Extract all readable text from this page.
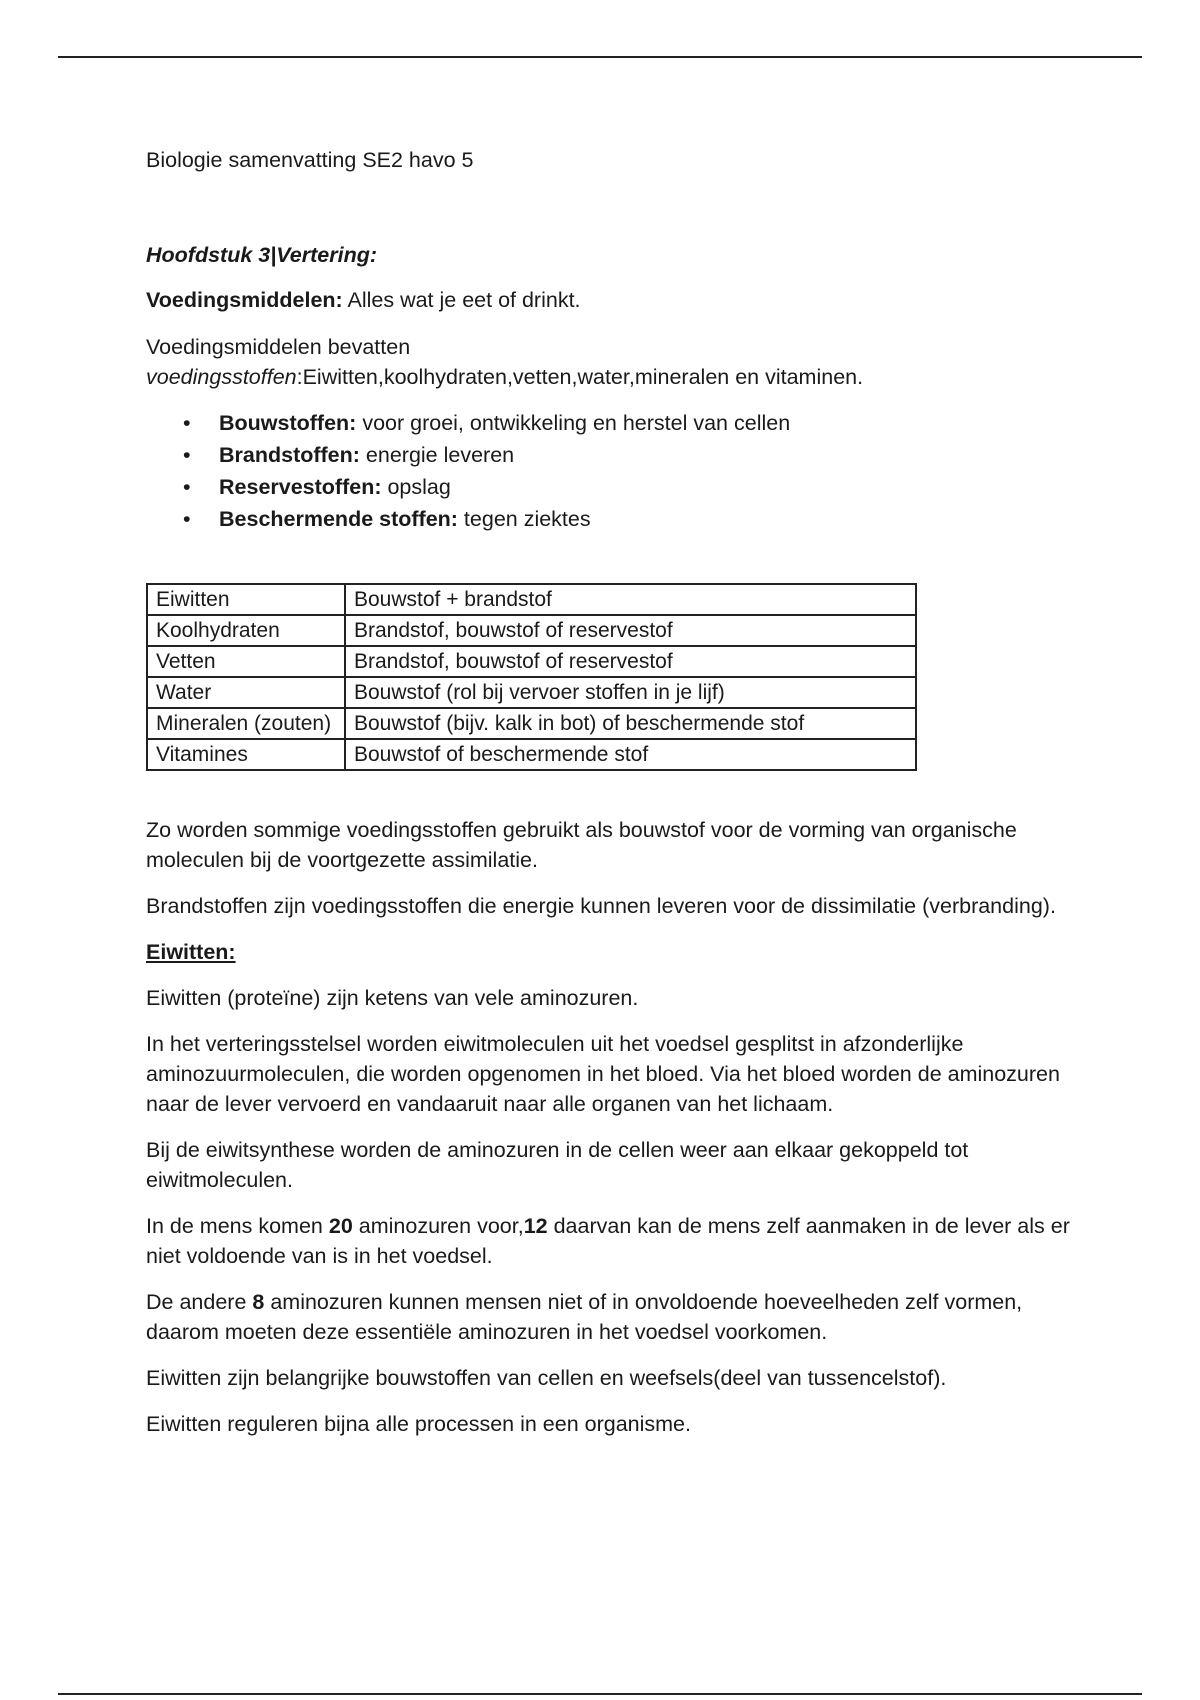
Biologie samenvatting SE2 havo 5

Hoofdstuk 3|Vertering:

Voedingsmiddelen: Alles wat je eet of drinkt.

Voedingsmiddelen bevatten
voedingsstoffen:Eiwitten,koolhydraten,vetten,water,mineralen en vitaminen.

• Bouwstoffen: voor groei, ontwikkeling en herstel van cellen
• Brandstoffen: energie leveren
• Reservestoffen: opslag
• Beschermende stoffen: tegen ziektes
Eiwitten	Bouwstof + brandstof
Koolhydraten	Brandstof, bouwstof of reservestof
Vetten	Brandstof, bouwstof of reservestof
Water	Bouwstof (rol bij vervoer stoffen in je lijf)
Mineralen (zouten)	Bouwstof (bijv. kalk in bot) of beschermende stof
Vitamines	Bouwstof of beschermende stof

Zo worden sommige voedingsstoffen gebruikt als bouwstof voor de vorming van organische moleculen bij de voortgezette assimilatie.

Brandstoffen zijn voedingsstoffen die energie kunnen leveren voor de dissimilatie (verbranding).

Eiwitten:

Eiwitten (proteïne) zijn ketens van vele aminozuren.

In het verteringsstelsel worden eiwitmoleculen uit het voedsel gesplitst in afzonderlijke aminozuurmoleculen, die worden opgenomen in het bloed. Via het bloed worden de aminozuren naar de lever vervoerd en vandaaruit naar alle organen van het lichaam.

Bij de eiwitsynthese worden de aminozuren in de cellen weer aan elkaar gekoppeld tot eiwitmoleculen.

In de mens komen 20 aminozuren voor,12 daarvan kan de mens zelf aanmaken in de lever als er niet voldoende van is in het voedsel.

De andere 8 aminozuren kunnen mensen niet of in onvoldoende hoeveelheden zelf vormen, daarom moeten deze essentiële aminozuren in het voedsel voorkomen.

Eiwitten zijn belangrijke bouwstoffen van cellen en weefsels(deel van tussencelstof).

Eiwitten reguleren bijna alle processen in een organisme.
